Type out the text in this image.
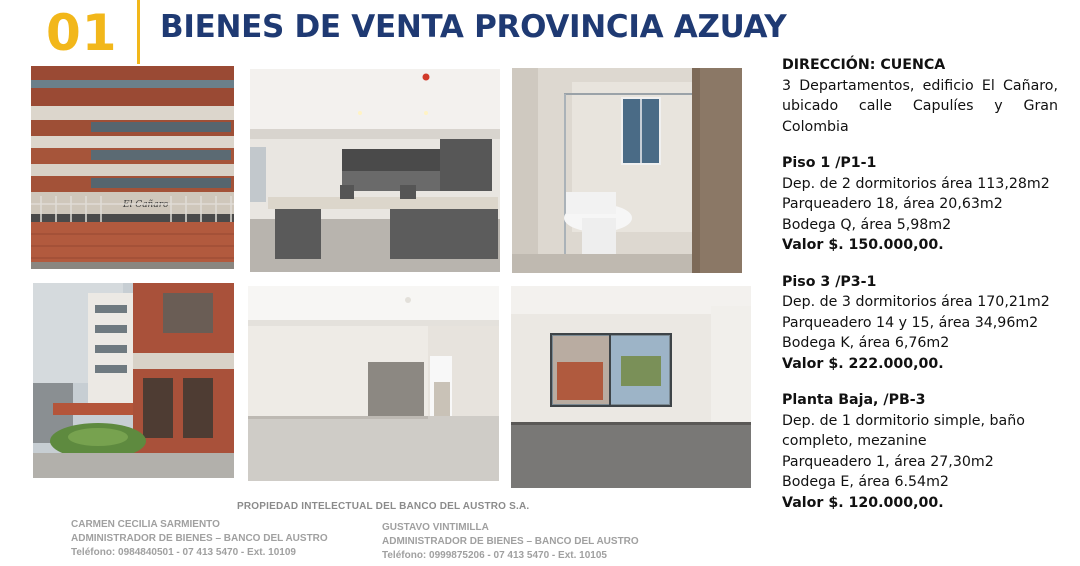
01 BIENES DE VENTA PROVINCIA AZUAY
El Cañaro
DIRECCIÓN: CUENCA
3 Departamentos, edificio El Cañaro, ubicado calle Capulíes y Gran Colombia
Piso 1 /P1-1
Dep. de 2 dormitorios área 113,28m2
Parqueadero 18, área 20,63m2
Bodega Q, área 5,98m2
Valor $. 150.000,00.
Piso 3 /P3-1
Dep. de 3 dormitorios área 170,21m2
Parqueadero 14 y 15, área 34,96m2
Bodega K, área 6,76m2
Valor $. 222.000,00.
Planta Baja, /PB-3
Dep. de 1 dormitorio simple, baño completo, mezanine
Parqueadero 1, área 27,30m2
Bodega E, área 6.54m2
Valor $. 120.000,00.
PROPIEDAD INTELECTUAL DEL BANCO DEL AUSTRO S.A.
CARMEN CECILIA SARMIENTO
ADMINISTRADOR DE BIENES – BANCO DEL AUSTRO
Teléfono: 0984840501 - 07 413 5470 - Ext. 10109
GUSTAVO VINTIMILLA
ADMINISTRADOR DE BIENES – BANCO DEL AUSTRO
Teléfono: 0999875206 - 07 413 5470 - Ext. 10105
